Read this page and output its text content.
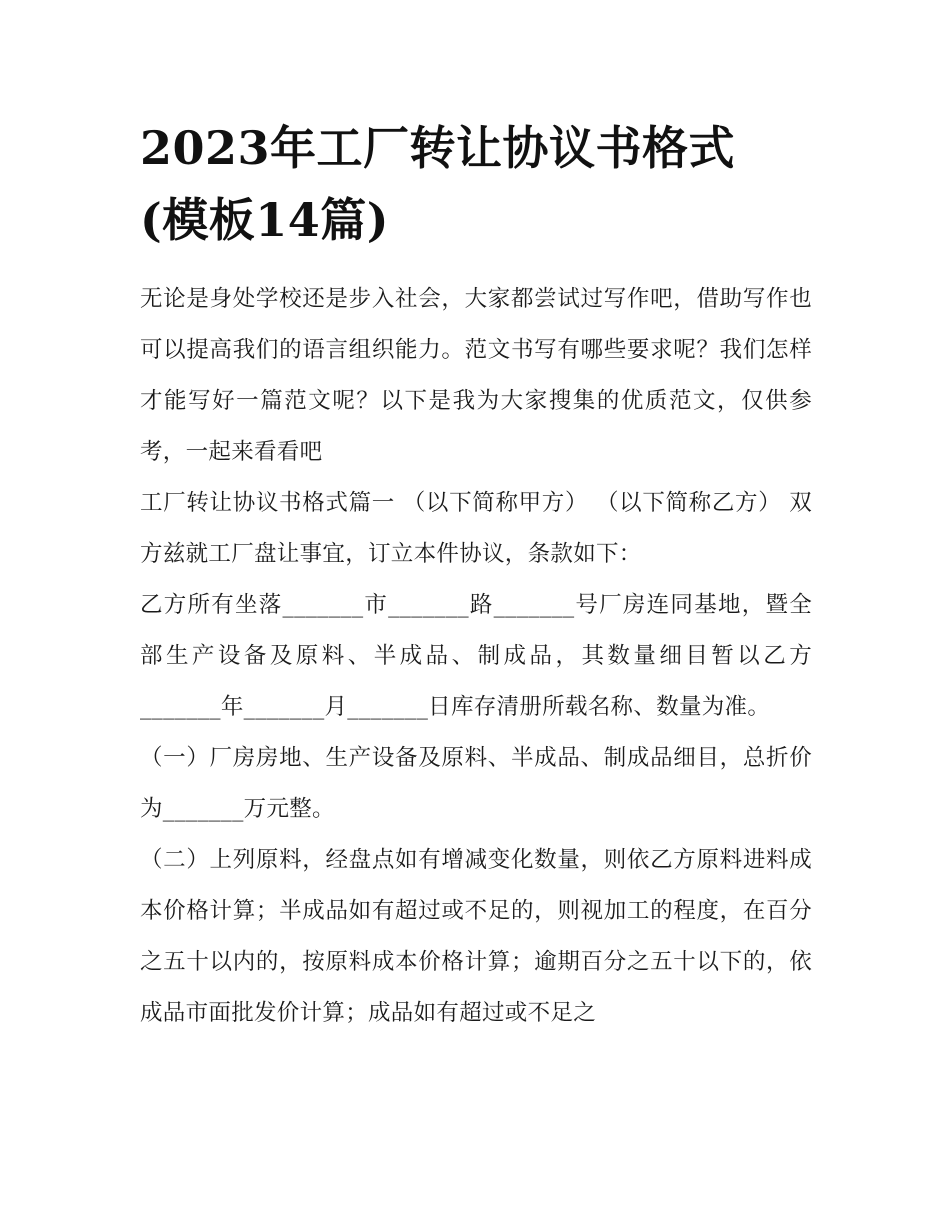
2023年工厂转让协议书格式
(模板14篇)

无论是身处学校还是步入社会，大家都尝试过写作吧，借助写作也可以提高我们的语言组织能力。范文书写有哪些要求呢？我们怎样才能写好一篇范文呢？以下是我为大家搜集的优质范文，仅供参考，一起来看看吧

工厂转让协议书格式篇一 （以下简称甲方） （以下简称乙方） 双方兹就工厂盘让事宜，订立本件协议，条款如下：

乙方所有坐落_______市_______路_______号厂房连同基地，暨全部生产设备及原料、半成品、制成品，其数量细目暂以乙方_______年_______月_______日库存清册所载名称、数量为准。

（一）厂房房地、生产设备及原料、半成品、制成品细目，总折价为_______万元整。

（二）上列原料，经盘点如有增减变化数量，则依乙方原料进料成本价格计算；半成品如有超过或不足的，则视加工的程度，在百分之五十以内的，按原料成本价格计算；逾期百分之五十以下的，依成品市面批发价计算；成品如有超过或不足之
